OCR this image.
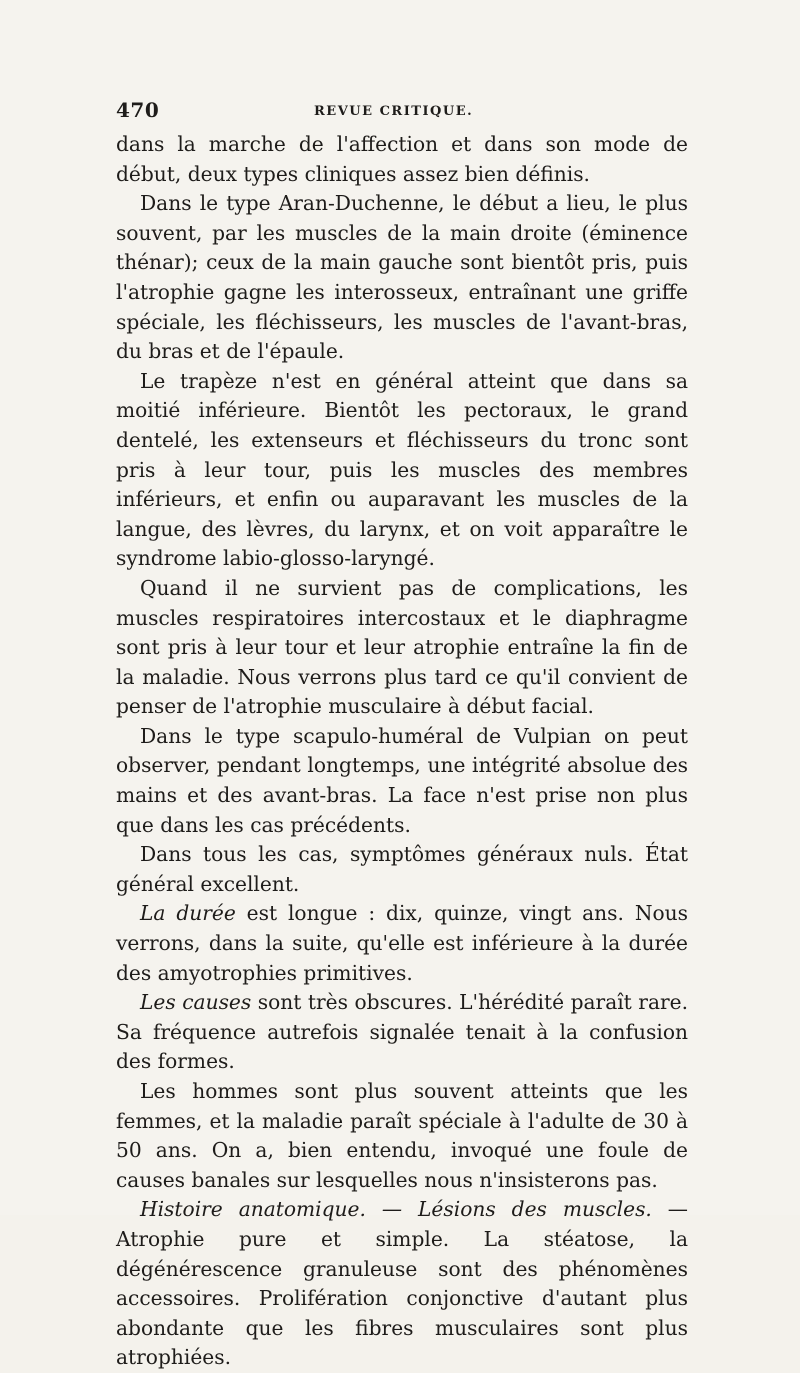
470	REVUE CRITIQUE.

dans la marche de l'affection et dans son mode de début, deux types cliniques assez bien définis.

Dans le type Aran-Duchenne, le début a lieu, le plus souvent, par les muscles de la main droite (éminence thénar); ceux de la main gauche sont bientôt pris, puis l'atrophie gagne les interosseux, entraînant une griffe spéciale, les fléchisseurs, les muscles de l'avant-bras, du bras et de l'épaule.

Le trapèze n'est en général atteint que dans sa moitié inférieure. Bientôt les pectoraux, le grand dentelé, les extenseurs et fléchisseurs du tronc sont pris à leur tour, puis les muscles des membres inférieurs, et enfin ou auparavant les muscles de la langue, des lèvres, du larynx, et on voit apparaître le syndrome labio-glosso-laryngé.

Quand il ne survient pas de complications, les muscles respiratoires intercostaux et le diaphragme sont pris à leur tour et leur atrophie entraîne la fin de la maladie. Nous verrons plus tard ce qu'il convient de penser de l'atrophie musculaire à début facial.

Dans le type scapulo-huméral de Vulpian on peut observer, pendant longtemps, une intégrité absolue des mains et des avant-bras. La face n'est prise non plus que dans les cas précédents.

Dans tous les cas, symptômes généraux nuls. État général excellent.

La durée est longue : dix, quinze, vingt ans. Nous verrons, dans la suite, qu'elle est inférieure à la durée des amyotrophies primitives.

Les causes sont très obscures. L'hérédité paraît rare. Sa fréquence autrefois signalée tenait à la confusion des formes.

Les hommes sont plus souvent atteints que les femmes, et la maladie paraît spéciale à l'adulte de 30 à 50 ans. On a, bien entendu, invoqué une foule de causes banales sur lesquelles nous n'insisterons pas.

Histoire anatomique. — Lésions des muscles. — Atrophie pure et simple. La stéatose, la dégénérescence granuleuse sont des phénomènes accessoires. Prolifération conjonctive d'autant plus abondante que les fibres musculaires sont plus atrophiées.
